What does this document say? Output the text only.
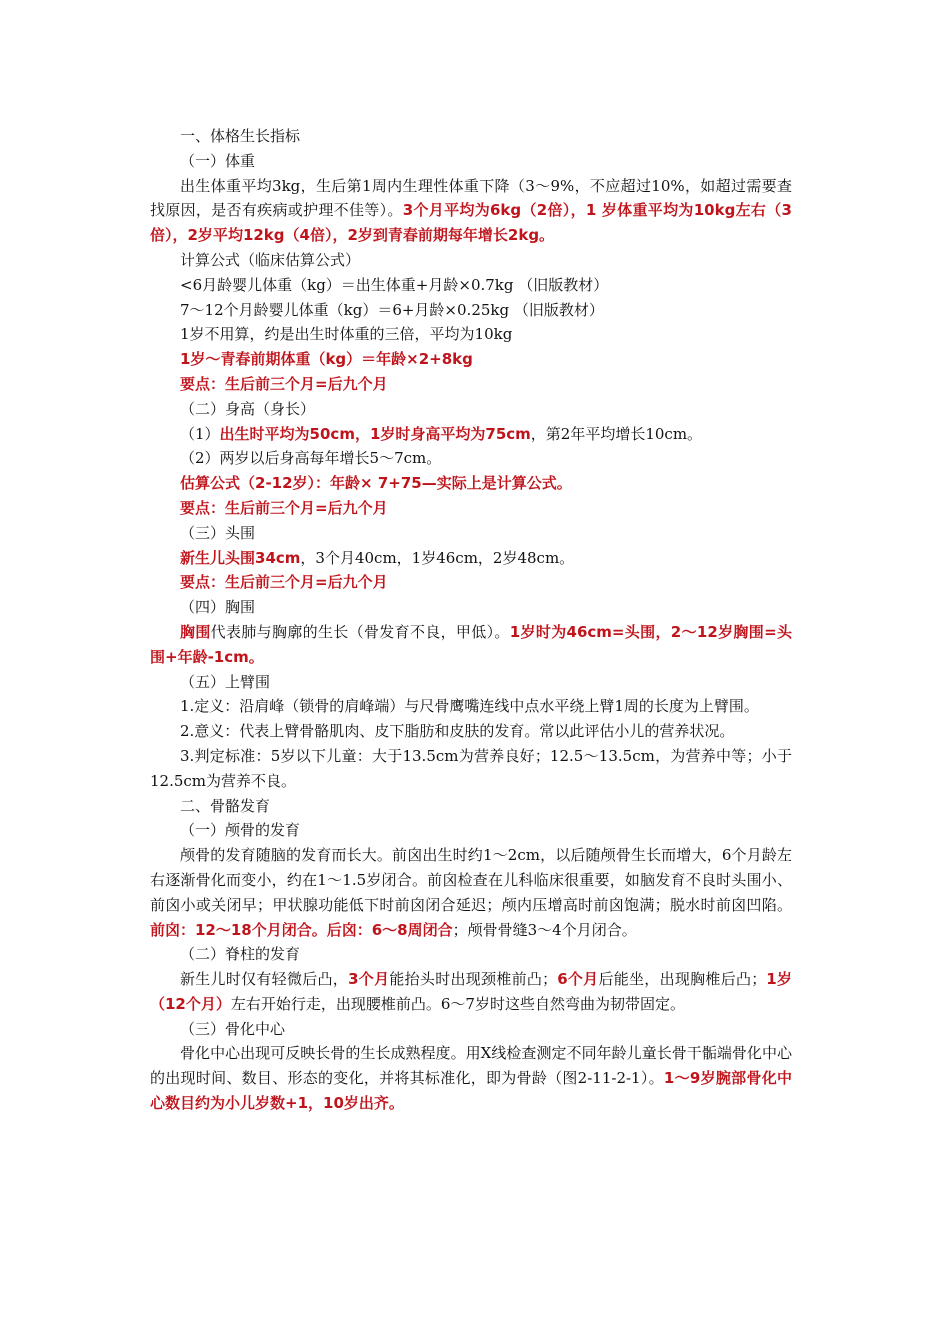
一、体格生长指标

（一）体重

出生体重平均3kg，生后第1周内生理性体重下降（3～9%，不应超过10%，如超过需要查找原因，是否有疾病或护理不佳等）。3个月平均为6kg（2倍），1 岁体重平均为10kg左右（3倍），2岁平均12kg（4倍），2岁到青春前期每年增长2kg。

计算公式（临床估算公式）

<6月龄婴儿体重（kg）＝出生体重+月龄×0.7kg （旧版教材）

7～12个月龄婴儿体重（kg）＝6+月龄×0.25kg （旧版教材）

1岁不用算，约是出生时体重的三倍，平均为10kg

1岁～青春前期体重（kg）＝年龄×2+8kg

要点：生后前三个月=后九个月

（二）身高（身长）

（1）出生时平均为50cm，1岁时身高平均为75cm，第2年平均增长10cm。

（2）两岁以后身高每年增长5～7cm。

估算公式（2-12岁）：年龄× 7+75—实际上是计算公式。

要点：生后前三个月=后九个月

（三）头围

新生儿头围34cm，3个月40cm，1岁46cm，2岁48cm。

要点：生后前三个月=后九个月

（四）胸围

胸围代表肺与胸廓的生长（骨发育不良，甲低）。1岁时为46cm=头围，2～12岁胸围=头围+年龄-1cm。

（五）上臂围

1.定义：沿肩峰（锁骨的肩峰端）与尺骨鹰嘴连线中点水平绕上臂1周的长度为上臂围。

2.意义：代表上臂骨骼肌肉、皮下脂肪和皮肤的发育。常以此评估小儿的营养状况。

3.判定标准：5岁以下儿童：大于13.5cm为营养良好；12.5～13.5cm，为营养中等；小于12.5cm为营养不良。

二、骨骼发育

（一）颅骨的发育

颅骨的发育随脑的发育而长大。前囟出生时约1～2cm，以后随颅骨生长而增大，6个月龄左右逐渐骨化而变小，约在1～1.5岁闭合。前囟检查在儿科临床很重要，如脑发育不良时头围小、前囟小或关闭早；甲状腺功能低下时前囟闭合延迟；颅内压增高时前囟饱满；脱水时前囟凹陷。前囟：12～18个月闭合。后囟：6～8周闭合；颅骨骨缝3～4个月闭合。

（二）脊柱的发育

新生儿时仅有轻微后凸，3个月能抬头时出现颈椎前凸；6个月后能坐，出现胸椎后凸；1岁（12个月）左右开始行走，出现腰椎前凸。6～7岁时这些自然弯曲为韧带固定。

（三）骨化中心

骨化中心出现可反映长骨的生长成熟程度。用X线检查测定不同年龄儿童长骨干骺端骨化中心的出现时间、数目、形态的变化，并将其标准化，即为骨龄（图2-11-2-1）。1～9岁腕部骨化中心数目约为小儿岁数+1，10岁出齐。
